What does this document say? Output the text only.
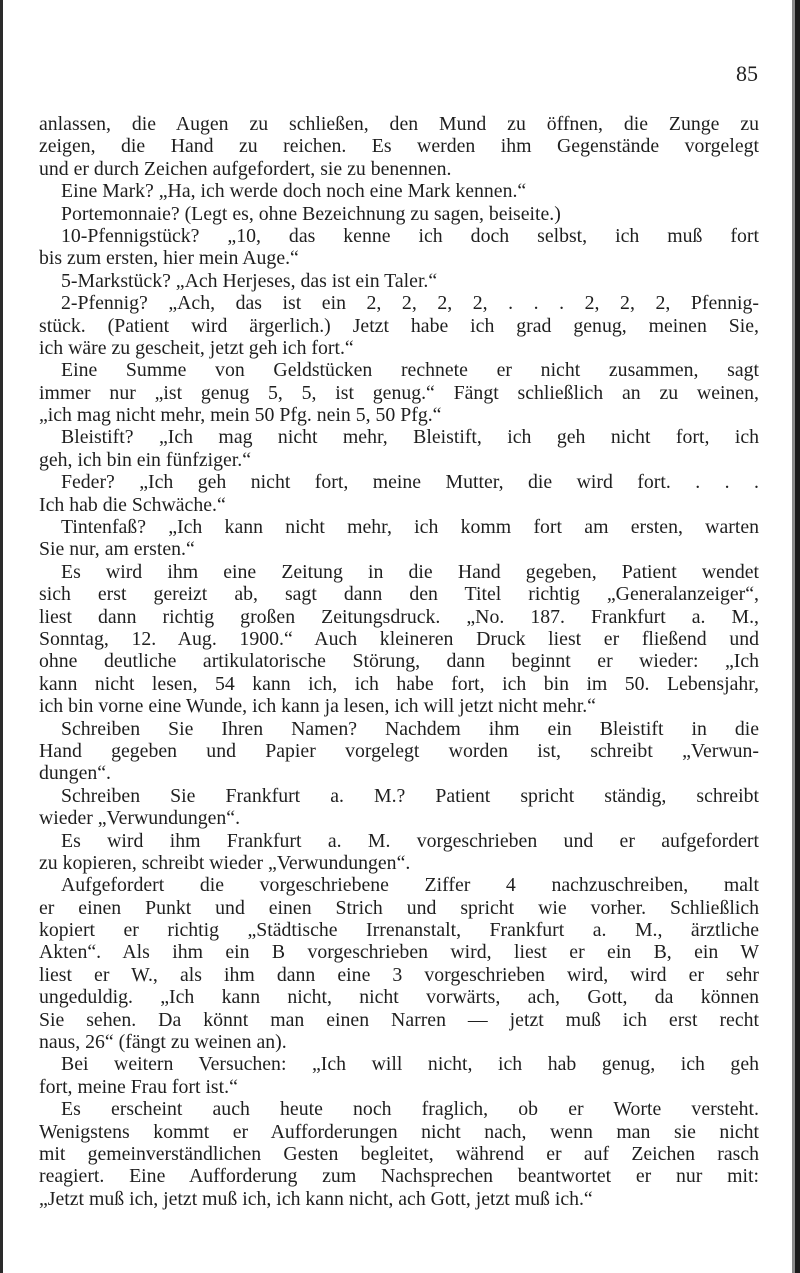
85
anlassen, die Augen zu schließen, den Mund zu öffnen, die Zunge zu
zeigen, die Hand zu reichen. Es werden ihm Gegenstände vorgelegt
und er durch Zeichen aufgefordert, sie zu benennen.
Eine Mark? „Ha, ich werde doch noch eine Mark kennen.“
Portemonnaie? (Legt es, ohne Bezeichnung zu sagen, beiseite.)
10-Pfennigstück? „10, das kenne ich doch selbst, ich muß fort
bis zum ersten, hier mein Auge.“
5-Markstück? „Ach Herjeses, das ist ein Taler.“
2-Pfennig? „Ach, das ist ein 2, 2, 2, 2, . . . 2, 2, 2, Pfennig-
stück. (Patient wird ärgerlich.) Jetzt habe ich grad genug, meinen Sie,
ich wäre zu gescheit, jetzt geh ich fort.“
Eine Summe von Geldstücken rechnete er nicht zusammen, sagt
immer nur „ist genug 5, 5, ist genug.“ Fängt schließlich an zu weinen,
„ich mag nicht mehr, mein 50 Pfg. nein 5, 50 Pfg.“
Bleistift? „Ich mag nicht mehr, Bleistift, ich geh nicht fort, ich
geh, ich bin ein fünfziger.“
Feder? „Ich geh nicht fort, meine Mutter, die wird fort. . . .
Ich hab die Schwäche.“
Tintenfaß? „Ich kann nicht mehr, ich komm fort am ersten, warten
Sie nur, am ersten.“
Es wird ihm eine Zeitung in die Hand gegeben, Patient wendet
sich erst gereizt ab, sagt dann den Titel richtig „Generalanzeiger“,
liest dann richtig großen Zeitungsdruck. „No. 187. Frankfurt a. M.,
Sonntag, 12. Aug. 1900.“ Auch kleineren Druck liest er fließend und
ohne deutliche artikulatorische Störung, dann beginnt er wieder: „Ich
kann nicht lesen, 54 kann ich, ich habe fort, ich bin im 50. Lebensjahr,
ich bin vorne eine Wunde, ich kann ja lesen, ich will jetzt nicht mehr.“
Schreiben Sie Ihren Namen? Nachdem ihm ein Bleistift in die
Hand gegeben und Papier vorgelegt worden ist, schreibt „Verwun-
dungen“.
Schreiben Sie Frankfurt a. M.? Patient spricht ständig, schreibt
wieder „Verwundungen“.
Es wird ihm Frankfurt a. M. vorgeschrieben und er aufgefordert
zu kopieren, schreibt wieder „Verwundungen“.
Aufgefordert die vorgeschriebene Ziffer 4 nachzuschreiben, malt
er einen Punkt und einen Strich und spricht wie vorher. Schließlich
kopiert er richtig „Städtische Irrenanstalt, Frankfurt a. M., ärztliche
Akten“. Als ihm ein B vorgeschrieben wird, liest er ein B, ein W
liest er W., als ihm dann eine 3 vorgeschrieben wird, wird er sehr
ungeduldig. „Ich kann nicht, nicht vorwärts, ach, Gott, da können
Sie sehen. Da könnt man einen Narren — jetzt muß ich erst recht
naus, 26“ (fängt zu weinen an).
Bei weitern Versuchen: „Ich will nicht, ich hab genug, ich geh
fort, meine Frau fort ist.“
Es erscheint auch heute noch fraglich, ob er Worte versteht.
Wenigstens kommt er Aufforderungen nicht nach, wenn man sie nicht
mit gemeinverständlichen Gesten begleitet, während er auf Zeichen rasch
reagiert. Eine Aufforderung zum Nachsprechen beantwortet er nur mit:
„Jetzt muß ich, jetzt muß ich, ich kann nicht, ach Gott, jetzt muß ich.“
